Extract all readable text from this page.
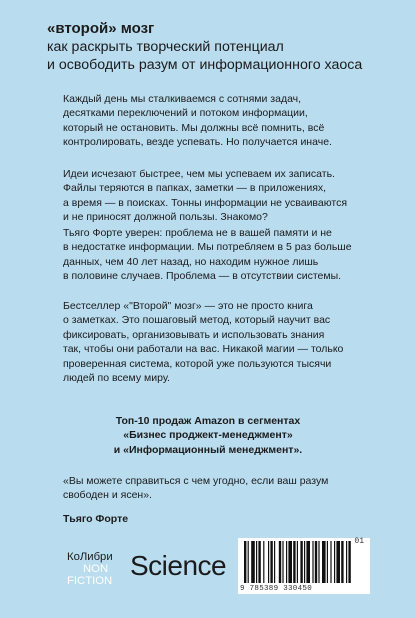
«второй» мозг
как раскрыть творческий потенциал
и освободить разум от информационного хаоса
Каждый день мы сталкиваемся с сотнями задач,
десятками переключений и потоком информации,
который не остановить. Мы должны всё помнить, всё
контролировать, везде успевать. Но получается иначе.
Идеи исчезают быстрее, чем мы успеваем их записать.
Файлы теряются в папках, заметки — в приложениях,
а время — в поисках. Тонны информации не усваиваются
и не приносят должной пользы. Знакомо?
Тьяго Форте уверен: проблема не в вашей памяти и не
в недостатке информации. Мы потребляем в 5 раз больше
данных, чем 40 лет назад, но находим нужное лишь
в половине случаев. Проблема — в отсутствии системы.
Бестселлер «"Второй" мозг» — это не просто книга
о заметках. Это пошаговый метод, который научит вас
фиксировать, организовывать и использовать знания
так, чтобы они работали на вас. Никакой магии — только
проверенная система, которой уже пользуются тысячи
людей по всему миру.
Топ-10 продаж Amazon в сегментах
«Бизнес проджект-менеджмент»
и «Информационный менеджмент».
«Вы можете справиться с чем угодно, если ваш разум
свободен и ясен».
Тьяго Форте
КоЛибри
NON
FICTION Science
01
9 785389 330450
